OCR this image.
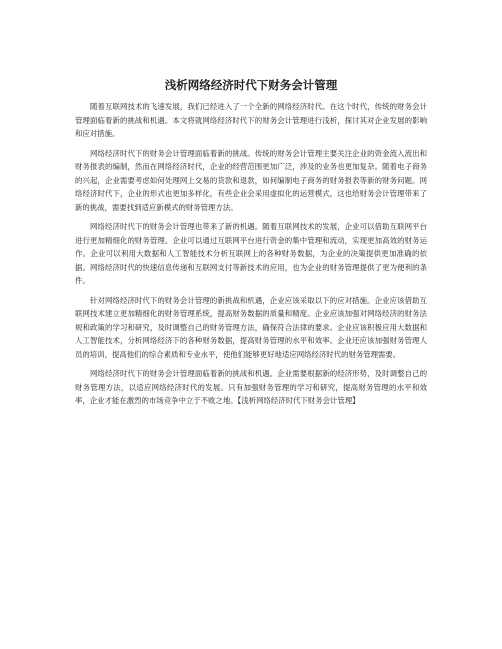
浅析网络经济时代下财务会计管理

随着互联网技术的飞速发展，我们已经进入了一个全新的网络经济时代。在这个时代，传统的财务会计管理面临着新的挑战和机遇。本文将就网络经济时代下的财务会计管理进行浅析，探讨其对企业发展的影响和应对措施。

网络经济时代下的财务会计管理面临着新的挑战。传统的财务会计管理主要关注企业的资金流入流出和财务报表的编制，然而在网络经济时代，企业的经营范围更加广泛，涉及的业务也更加复杂。随着电子商务的兴起，企业需要考虑如何处理网上交易的货款和退款，如何编制电子商务的财务报表等新的财务问题。网络经济时代下，企业的形式也更加多样化，有些企业会采用虚拟化的运营模式，这也给财务会计管理带来了新的挑战，需要找到适应新模式的财务管理方法。

网络经济时代下的财务会计管理也带来了新的机遇。随着互联网技术的发展，企业可以借助互联网平台进行更加精细化的财务管理。企业可以通过互联网平台进行资金的集中管理和流动，实现更加高效的财务运作。企业可以利用大数据和人工智能技术分析互联网上的各种财务数据，为企业的决策提供更加准确的依据。网络经济时代的快速信息传递和互联网支付等新技术的应用，也为企业的财务管理提供了更为便利的条件。

针对网络经济时代下的财务会计管理的新挑战和机遇，企业应该采取以下的应对措施。企业应该借助互联网技术建立更加精细化的财务管理系统，提高财务数据的质量和精度。企业应该加强对网络经济的财务法规和政策的学习和研究，及时调整自己的财务管理方法，确保符合法律的要求。企业应该积极应用大数据和人工智能技术，分析网络经济下的各种财务数据，提高财务管理的水平和效率。企业还应该加强财务管理人员的培训，提高他们的综合素质和专业水平，使他们能够更好地适应网络经济时代的财务管理需要。

网络经济时代下的财务会计管理面临着新的挑战和机遇。企业需要根据新的经济形势，及时调整自己的财务管理方法，以适应网络经济时代的发展。只有加强财务管理的学习和研究，提高财务管理的水平和效率，企业才能在激烈的市场竞争中立于不败之地。【浅析网络经济时代下财务会计管理】
